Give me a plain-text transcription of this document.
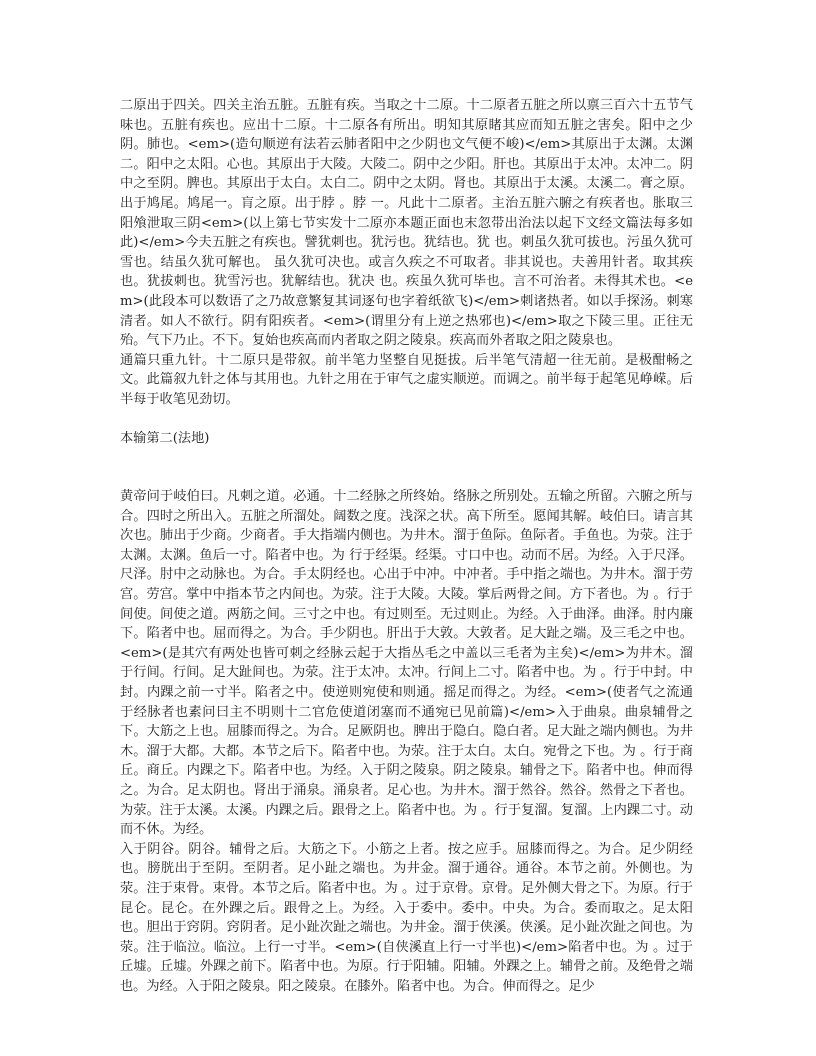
二原出于四关。四关主治五脏。五脏有疾。当取之十二原。十二原者五脏之所以禀三百六十五节气味也。五脏有疾也。应出十二原。十二原各有所出。明知其原睹其应而知五脏之害矣。阳中之少阴。肺也。<em>(造句顺逆有法若云肺者阳中之少阴也文气便不峻)</em>其原出于太渊。太渊二。阳中之太阳。心也。其原出于大陵。大陵二。阴中之少阳。肝也。其原出于太冲。太冲二。阴中之至阴。脾也。其原出于太白。太白二。阴中之太阴。肾也。其原出于太溪。太溪二。膏之原。出于鸠尾。鸠尾一。肓之原。出于脖 。脖 一。凡此十二原者。主治五脏六腑之有疾者也。胀取三阳飧泄取三阴<em>(以上第七节实发十二原亦本题正面也末忽带出治法以起下文经文篇法每多如此)</em>今夫五脏之有疾也。譬犹刺也。犹污也。犹结也。犹 也。刺虽久犹可拔也。污虽久犹可雪也。结虽久犹可解也。 虽久犹可决也。或言久疾之不可取者。非其说也。夫善用针者。取其疾也。犹拔刺也。犹雪污也。犹解结也。犹决 也。疾虽久犹可毕也。言不可治者。未得其术也。<em>(此段本可以数语了之乃故意繁复其词逐句也字着纸欲飞)</em>刺诸热者。如以手探汤。刺寒清者。如人不欲行。阴有阳疾者。<em>(谓里分有上逆之热邪也)</em>取之下陵三里。正往无殆。气下乃止。不下。复始也疾高而内者取之阴之陵泉。疾高而外者取之阳之陵泉也。

通篇只重九针。十二原只是带叙。前半笔力坚整自见挺拔。后半笔气清超一往无前。是极酣畅之文。此篇叙九针之体与其用也。九针之用在于审气之虚实顺逆。而调之。前半每于起笔见峥嵘。后半每于收笔见劲切。

本输第二(法地)

黄帝问于岐伯曰。凡刺之道。必通。十二经脉之所终始。络脉之所别处。五输之所留。六腑之所与合。四时之所出入。五脏之所溜处。阔数之度。浅深之状。高下所至。愿闻其解。岐伯曰。请言其次也。肺出于少商。少商者。手大指端内侧也。为井木。溜于鱼际。鱼际者。手鱼也。为荥。注于太渊。太渊。鱼后一寸。陷者中也。为 行于经渠。经渠。寸口中也。动而不居。为经。入于尺泽。尺泽。肘中之动脉也。为合。手太阴经也。心出于中冲。中冲者。手中指之端也。为井木。溜于劳宫。劳宫。掌中中指本节之内间也。为荥。注于大陵。大陵。掌后两骨之间。方下者也。为 。行于间使。间使之道。两筋之间。三寸之中也。有过则至。无过则止。为经。入于曲泽。曲泽。肘内廉下。陷者中也。屈而得之。为合。手少阴也。肝出于大敦。大敦者。足大趾之端。及三毛之中也。<em>(是其穴有两处也皆可刺之经脉云起于大指丛毛之中盖以三毛者为主矣)</em>为井木。溜于行间。行间。足大趾间也。为荥。注于太冲。太冲。行间上二寸。陷者中也。为 。行于中封。中封。内踝之前一寸半。陷者之中。使逆则宛使和则通。摇足而得之。为经。<em>(使者气之流通于经脉者也素问曰主不明则十二官危使道闭塞而不通宛已见前篇)</em>入于曲泉。曲泉辅骨之下。大筋之上也。屈膝而得之。为合。足厥阴也。脾出于隐白。隐白者。足大趾之端内侧也。为井木。溜于大都。大都。本节之后下。陷者中也。为荥。注于太白。太白。宛骨之下也。为 。行于商丘。商丘。内踝之下。陷者中也。为经。入于阴之陵泉。阴之陵泉。辅骨之下。陷者中也。伸而得之。为合。足太阴也。肾出于涌泉。涌泉者。足心也。为井木。溜于然谷。然谷。然骨之下者也。为荥。注于太溪。太溪。内踝之后。跟骨之上。陷者中也。为 。行于复溜。复溜。上内踝二寸。动而不休。为经。

入于阴谷。阴谷。辅骨之后。大筋之下。小筋之上者。按之应手。屈膝而得之。为合。足少阴经也。膀胱出于至阴。至阴者。足小趾之端也。为井金。溜于通谷。通谷。本节之前。外侧也。为荥。注于束骨。束骨。本节之后。陷者中也。为 。过于京骨。京骨。足外侧大骨之下。为原。行于昆仑。昆仑。在外踝之后。跟骨之上。为经。入于委中。委中。中央。为合。委而取之。足太阳也。胆出于窍阴。窍阴者。足小趾次趾之端也。为井金。溜于侠溪。侠溪。足小趾次趾之间也。为荥。注于临泣。临泣。上行一寸半。<em>(自侠溪直上行一寸半也)</em>陷者中也。为 。过于丘墟。丘墟。外踝之前下。陷者中也。为原。行于阳辅。阳辅。外踝之上。辅骨之前。及绝骨之端也。为经。入于阳之陵泉。阳之陵泉。在膝外。陷者中也。为合。伸而得之。足少
